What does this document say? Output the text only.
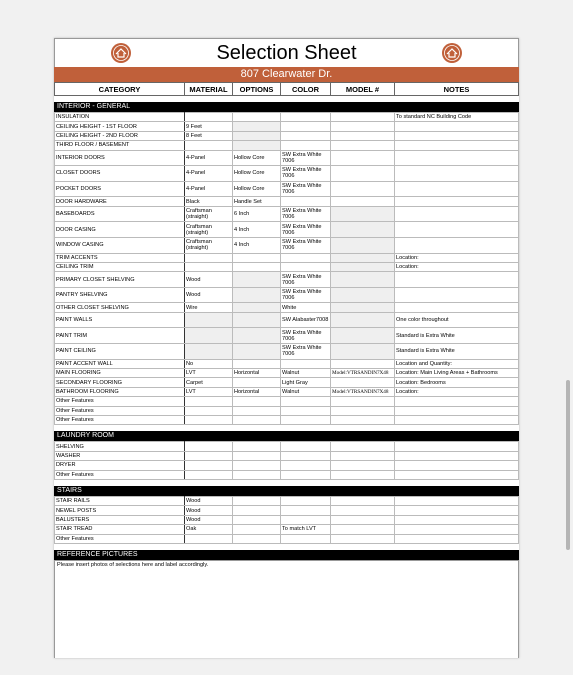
Selection Sheet
807 Clearwater Dr.
CATEGORY	MATERIAL	OPTIONS	COLOR	MODEL #	NOTES
INTERIOR - GENERAL
INSULATION					To standard NC Building Code
CEILING HEIGHT - 1ST FLOOR	9 Feet				
CEILING HEIGHT - 2ND FLOOR	8 Feet				
THIRD FLOOR / BASEMENT					
INTERIOR DOORS	4-Panel	Hollow Core	SW Extra White 7006		
CLOSET DOORS	4-Panel	Hollow Core	SW Extra White 7006		
POCKET DOORS	4-Panel	Hollow Core	SW Extra White 7006		
DOOR HARDWARE	Black	Handle Set			
BASEBOARDS	Craftsman (straight)	6 Inch	SW Extra White 7006		
DOOR CASING	Craftsman (straight)	4 Inch	SW Extra White 7006		
WINDOW CASING	Craftsman (straight)	4 Inch	SW Extra White 7006		
TRIM ACCENTS					Location:
CEILING TRIM					Location:
PRIMARY CLOSET SHELVING	Wood		SW Extra White 7006		
PANTRY SHELVING	Wood		SW Extra White 7006		
OTHER CLOSET SHELVING	Wire		White		
PAINT WALLS			SW Alabaster7008		One color throughout
PAINT TRIM			SW Extra White 7006		Standard is Extra White
PAINT CEILING			SW Extra White 7006		Standard is Extra White
PAINT ACCENT WALL	No				Location and Quantity:
MAIN FLOORING	LVT	Horizontal	Walnut	Model:VTRSANDIN7X48	Location: Main Living Areas + Bathrooms
SECONDARY FLOORING	Carpet		Light Gray		Location: Bedrooms
BATHROOM FLOORING	LVT	Horizontal	Walnut	Model:VTRSANDIN7X48	Location:
Other Features					
Other Features					
Other Features					
LAUNDRY ROOM
SHELVING					
WASHER					
DRYER					
Other Features					
STAIRS
STAIR RAILS	Wood				
NEWEL POSTS	Wood				
BALUSTERS	Wood				
STAIR TREAD	Oak		To match LVT		
Other Features					
REFERENCE PICTURES
Please insert photos of selections here and label accordingly.
